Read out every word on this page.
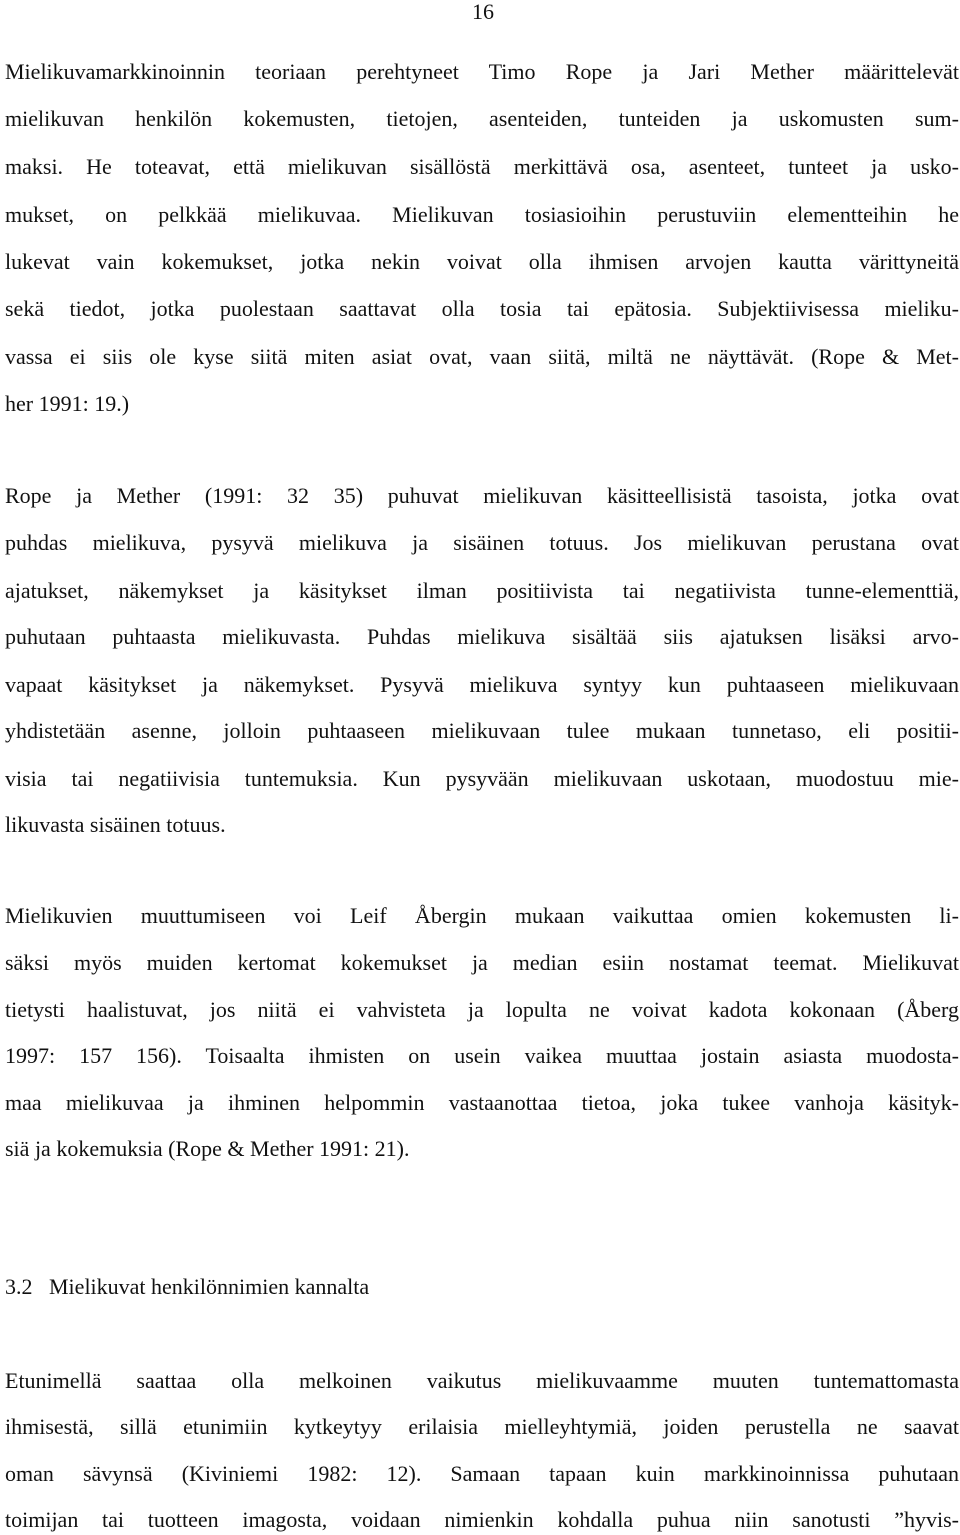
16
Mielikuvamarkkinoinnin teoriaan perehtyneet Timo Rope ja Jari Mether määrittelevät
mielikuvan henkilön kokemusten, tietojen, asenteiden, tunteiden ja uskomusten sum-
maksi. He toteavat, että mielikuvan sisällöstä merkittävä osa, asenteet, tunteet ja usko-
mukset, on pelkkää mielikuvaa. Mielikuvan tosiasioihin perustuviin elementteihin he
lukevat vain kokemukset, jotka nekin voivat olla ihmisen arvojen kautta värittyneitä
sekä tiedot, jotka puolestaan saattavat olla tosia tai epätosia. Subjektiivisessa mieliku-
vassa ei siis ole kyse siitä miten asiat ovat, vaan siitä, miltä ne näyttävät. (Rope & Met-
her 1991: 19.)
Rope ja Mether (1991: 32 35) puhuvat mielikuvan käsitteellisistä tasoista, jotka ovat
puhdas mielikuva, pysyvä mielikuva ja sisäinen totuus. Jos mielikuvan perustana ovat
ajatukset, näkemykset ja käsitykset ilman positiivista tai negatiivista tunne-elementtiä,
puhutaan puhtaasta mielikuvasta. Puhdas mielikuva sisältää siis ajatuksen lisäksi arvo-
vapaat käsitykset ja näkemykset. Pysyvä mielikuva syntyy kun puhtaaseen mielikuvaan
yhdistetään asenne, jolloin puhtaaseen mielikuvaan tulee mukaan tunnetaso, eli positii-
visia tai negatiivisia tuntemuksia. Kun pysyvään mielikuvaan uskotaan, muodostuu mie-
likuvasta sisäinen totuus.
Mielikuvien muuttumiseen voi Leif Åbergin mukaan vaikuttaa omien kokemusten li-
säksi myös muiden kertomat kokemukset ja median esiin nostamat teemat. Mielikuvat
tietysti haalistuvat, jos niitä ei vahvisteta ja lopulta ne voivat kadota kokonaan (Åberg
1997: 157 156). Toisaalta ihmisten on usein vaikea muuttaa jostain asiasta muodosta-
maa mielikuvaa ja ihminen helpommin vastaanottaa tietoa, joka tukee vanhoja käsityk-
siä ja kokemuksia (Rope & Mether 1991: 21).
3.2 Mielikuvat henkilönnimien kannalta
Etunimellä saattaa olla melkoinen vaikutus mielikuvaamme muuten tuntemattomasta
ihmisestä, sillä etunimiin kytkeytyy erilaisia mielleyhtymiä, joiden perustella ne saavat
oman sävynsä (Kiviniemi 1982: 12). Samaan tapaan kuin markkinoinnissa puhutaan
toimijan tai tuotteen imagosta, voidaan nimienkin kohdalla puhua niin sanotusti ”hyvis-
